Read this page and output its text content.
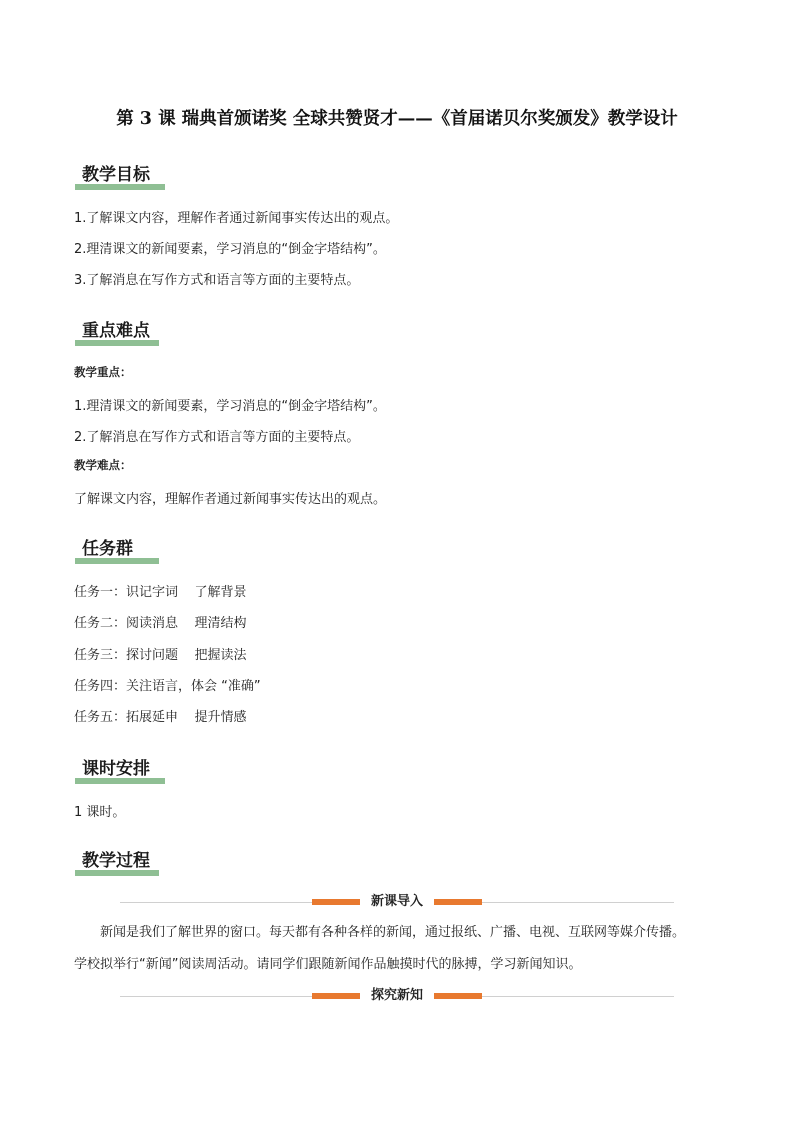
第 3 课 瑞典首颁诺奖 全球共赞贤才——《首届诺贝尔奖颁发》教学设计
教学目标
1.了解课文内容，理解作者通过新闻事实传达出的观点。
2.理清课文的新闻要素，学习消息的“倒金字塔结构”。
3.了解消息在写作方式和语言等方面的主要特点。
重点难点
教学重点：
1.理清课文的新闻要素，学习消息的“倒金字塔结构”。
2.了解消息在写作方式和语言等方面的主要特点。
教学难点：
了解课文内容，理解作者通过新闻事实传达出的观点。
任务群
任务一：识记字词    了解背景
任务二：阅读消息    理清结构
任务三：探讨问题    把握读法
任务四：关注语言，体会 “准确”
任务五：拓展延申    提升情感
课时安排
1 课时。
教学过程
新课导入
新闻是我们了解世界的窗口。每天都有各种各样的新闻，通过报纸、广播、电视、互联网等媒介传播。
学校拟举行“新闻”阅读周活动。请同学们跟随新闻作品触摸时代的脉搏，学习新闻知识。
探究新知
